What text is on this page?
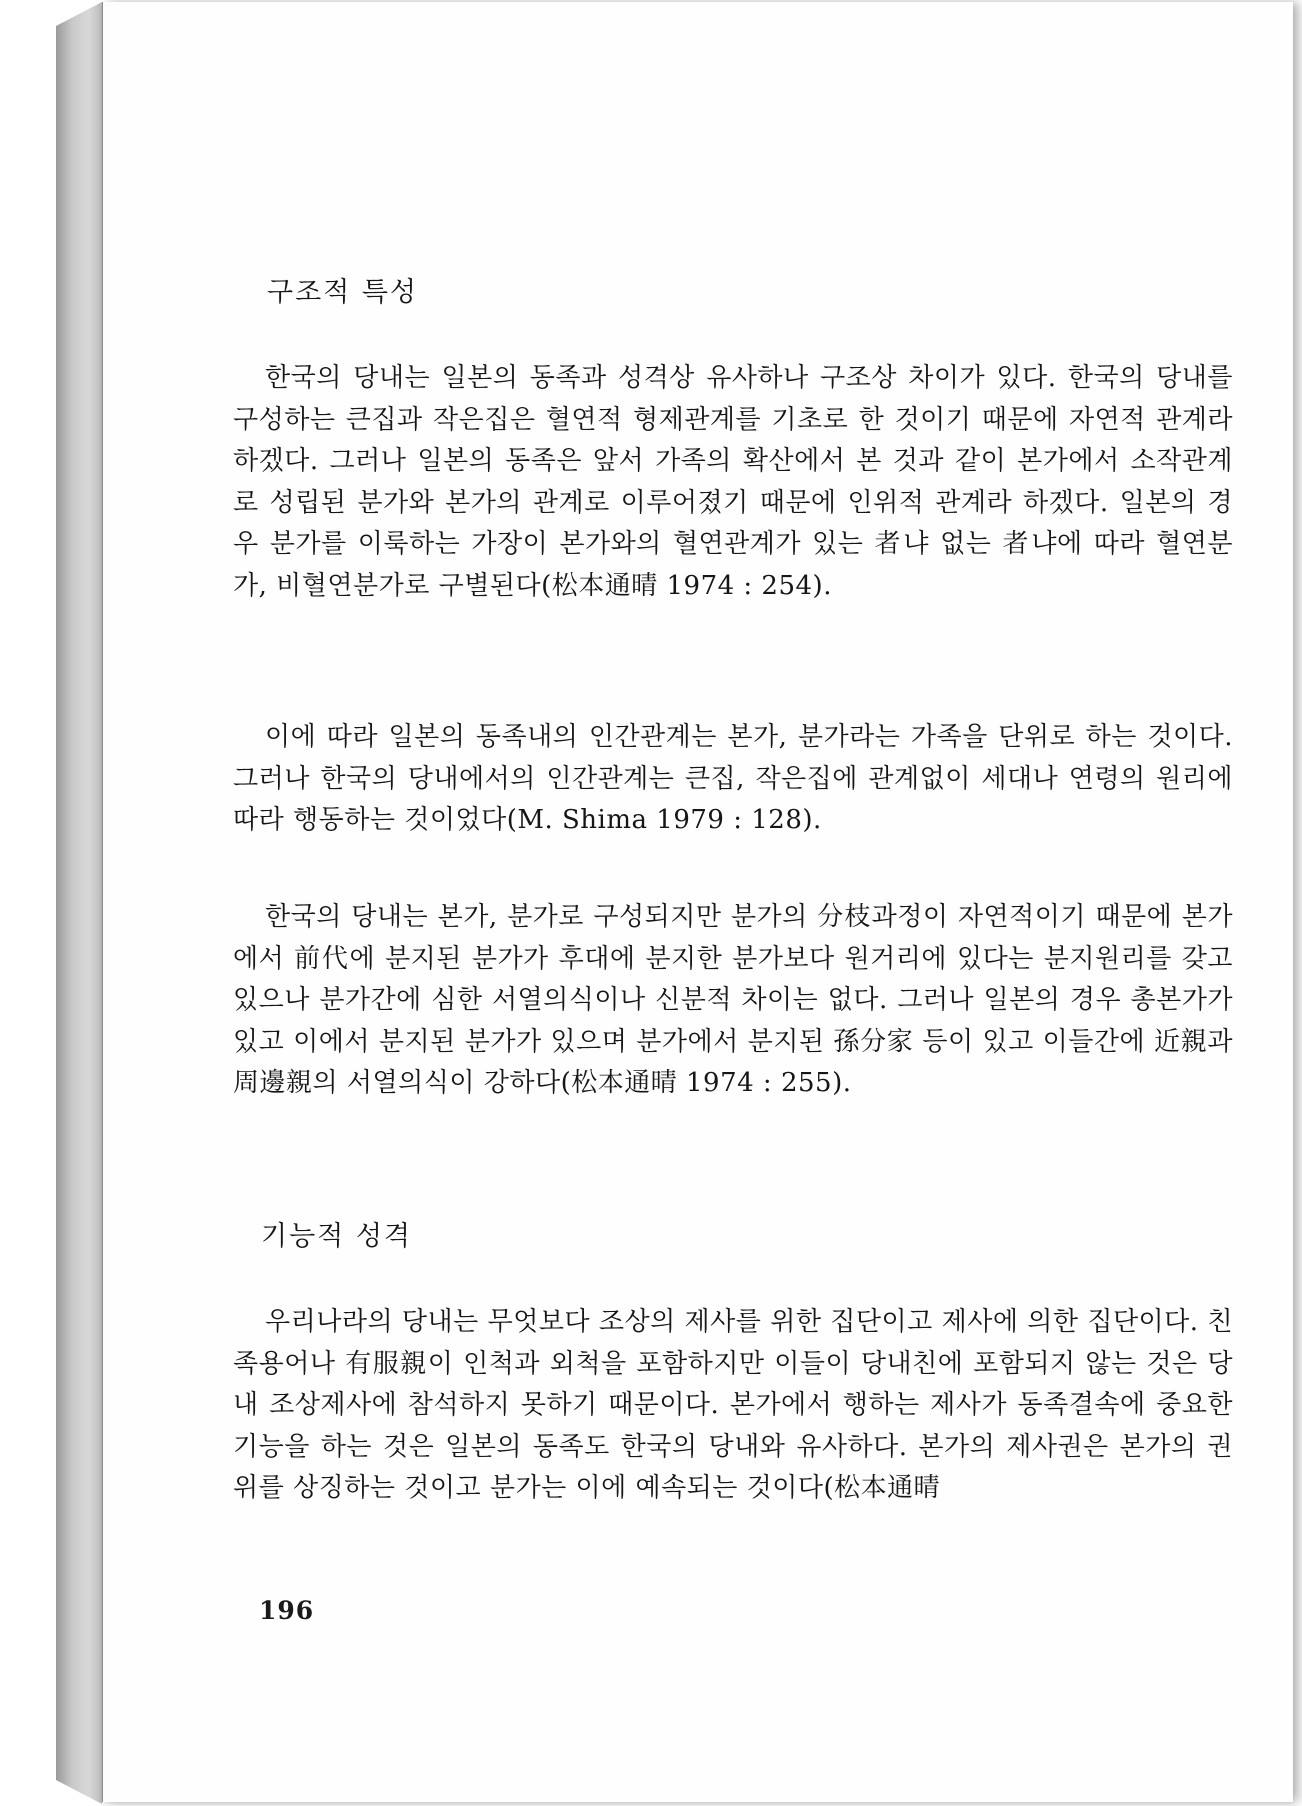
구조적 특성

한국의 당내는 일본의 동족과 성격상 유사하나 구조상 차이가 있다. 한국의 당내를 구성하는 큰집과 작은집은 혈연적 형제관계를 기초로 한 것이기 때문에 자연적 관계라 하겠다. 그러나 일본의 동족은 앞서 가족의 확산에서 본 것과 같이 본가에서 소작관계로 성립된 분가와 본가의 관계로 이루어졌기 때문에 인위적 관계라 하겠다. 일본의 경우 분가를 이룩하는 가장이 본가와의 혈연관계가 있는 者냐 없는 者냐에 따라 혈연분가, 비혈연분가로 구별된다(松本通晴 1974 : 254).

이에 따라 일본의 동족내의 인간관계는 본가, 분가라는 가족을 단위로 하는 것이다. 그러나 한국의 당내에서의 인간관계는 큰집, 작은집에 관계없이 세대나 연령의 원리에 따라 행동하는 것이었다(M. Shima 1979 : 128).

한국의 당내는 본가, 분가로 구성되지만 분가의 分枝과정이 자연적이기 때문에 본가에서 前代에 분지된 분가가 후대에 분지한 분가보다 원거리에 있다는 분지원리를 갖고 있으나 분가간에 심한 서열의식이나 신분적 차이는 없다. 그러나 일본의 경우 총본가가 있고 이에서 분지된 분가가 있으며 분가에서 분지된 孫分家 등이 있고 이들간에 近親과 周邊親의 서열의식이 강하다(松本通晴 1974 : 255).

기능적 성격

우리나라의 당내는 무엇보다 조상의 제사를 위한 집단이고 제사에 의한 집단이다. 친족용어나 有服親이 인척과 외척을 포함하지만 이들이 당내친에 포함되지 않는 것은 당내 조상제사에 참석하지 못하기 때문이다. 본가에서 행하는 제사가 동족결속에 중요한 기능을 하는 것은 일본의 동족도 한국의 당내와 유사하다. 본가의 제사권은 본가의 권위를 상징하는 것이고 분가는 이에 예속되는 것이다(松本通晴

196
